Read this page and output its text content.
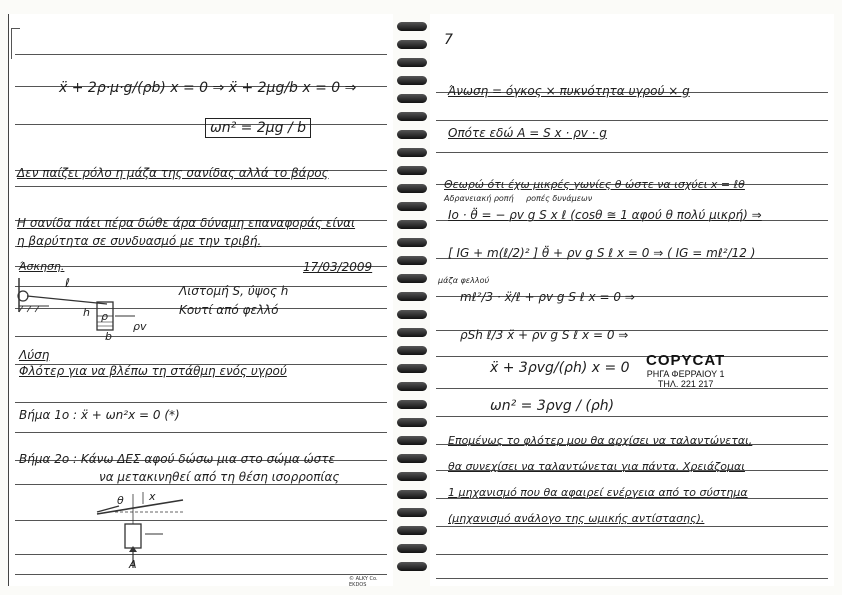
ẍ + 2ρ·μ·g/(ρb) x = 0 ⇒ ẍ + 2μg/b x = 0 ⇒
ωn² = 2μg / b
Δεν παίζει ρόλο η μάζα της σανίδας αλλά το βάρος
Η σανίδα πάει πέρα δώθε άρα δύναμη επαναφοράς είναι
η βαρύτητα σε συνδυασμό με την τριβή.
Άσκηση.	17/03/2009
ℓ
h ρ
ρv
b
Λιστομή S, ύψος h
Κουτί από φελλό
Λύση
Φλότερ για να βλέπω τη στάθμη ενός υγρού
Βήμα 1ο : ẍ + ωn²x = 0 (*)
Βήμα 2ο : Κάνω ΔΕΣ αφού δώσω μια στο σώμα ώστε
να μετακινηθεί από τη θέση ισορροπίας
x
A
θ
© ALKY Co. EKDOS
7
Άνωση = όγκος × πυκνότητα υγρού × g
Οπότε εδώ A = S x · ρv · g
Θεωρώ ότι έχω μικρές γωνίες θ ώστε να ισχύει x = ℓθ
Αδρανειακή ροπή ροπές δυνάμεων
Iο · θ̈ = − ρv g S x ℓ (cosθ ≅ 1 αφού θ πολύ μικρή) ⇒
[ IG + m(ℓ/2)² ] θ̈ + ρv g S ℓ x = 0 ⇒ ( IG = mℓ²/12 )
μάζα φελλού
mℓ²/3 · ẍ/ℓ + ρv g S ℓ x = 0 ⇒
ρSh ℓ/3 ẍ + ρv g S ℓ x = 0 ⇒
ẍ + 3ρvg/(ρh) x = 0
ωn² = 3ρvg / (ρh)
Επομένως το φλότερ μου θα αρχίσει να ταλαντώνεται,
θα συνεχίσει να ταλαντώνεται για πάντα. Χρειάζομαι
1 μηχανισμό που θα αφαιρεί ενέργεια από το σύστημα
(μηχανισμό ανάλογο της ωμικής αντίστασης).
COPYCAT
ΡΗΓΑ ΦΕΡΡΑΙΟΥ 1
ΤΗΛ. 221 217
